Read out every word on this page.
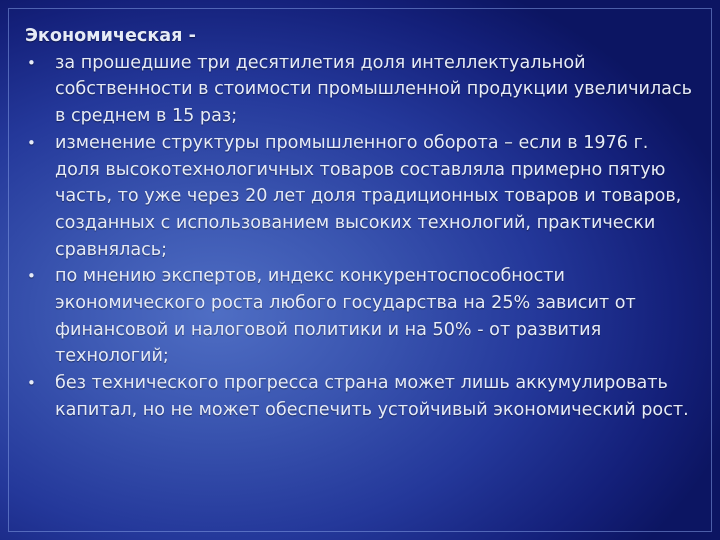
Экономическая -
• за прошедшие три десятилетия доля интеллектуальной собственности в стоимости промышленной продукции увеличилась в среднем в 15 раз;
• изменение структуры промышленного оборота – если в 1976 г. доля высокотехнологичных товаров составляла примерно пятую часть, то уже через 20 лет доля традиционных товаров и товаров, созданных с использованием высоких технологий, практически сравнялась;
• по мнению экспертов, индекс конкурентоспособности экономического роста любого государства на 25% зависит от финансовой и налоговой политики и на 50% - от развития технологий;
• без технического прогресса страна может лишь аккумулировать капитал, но не может обеспечить устойчивый экономический рост.
